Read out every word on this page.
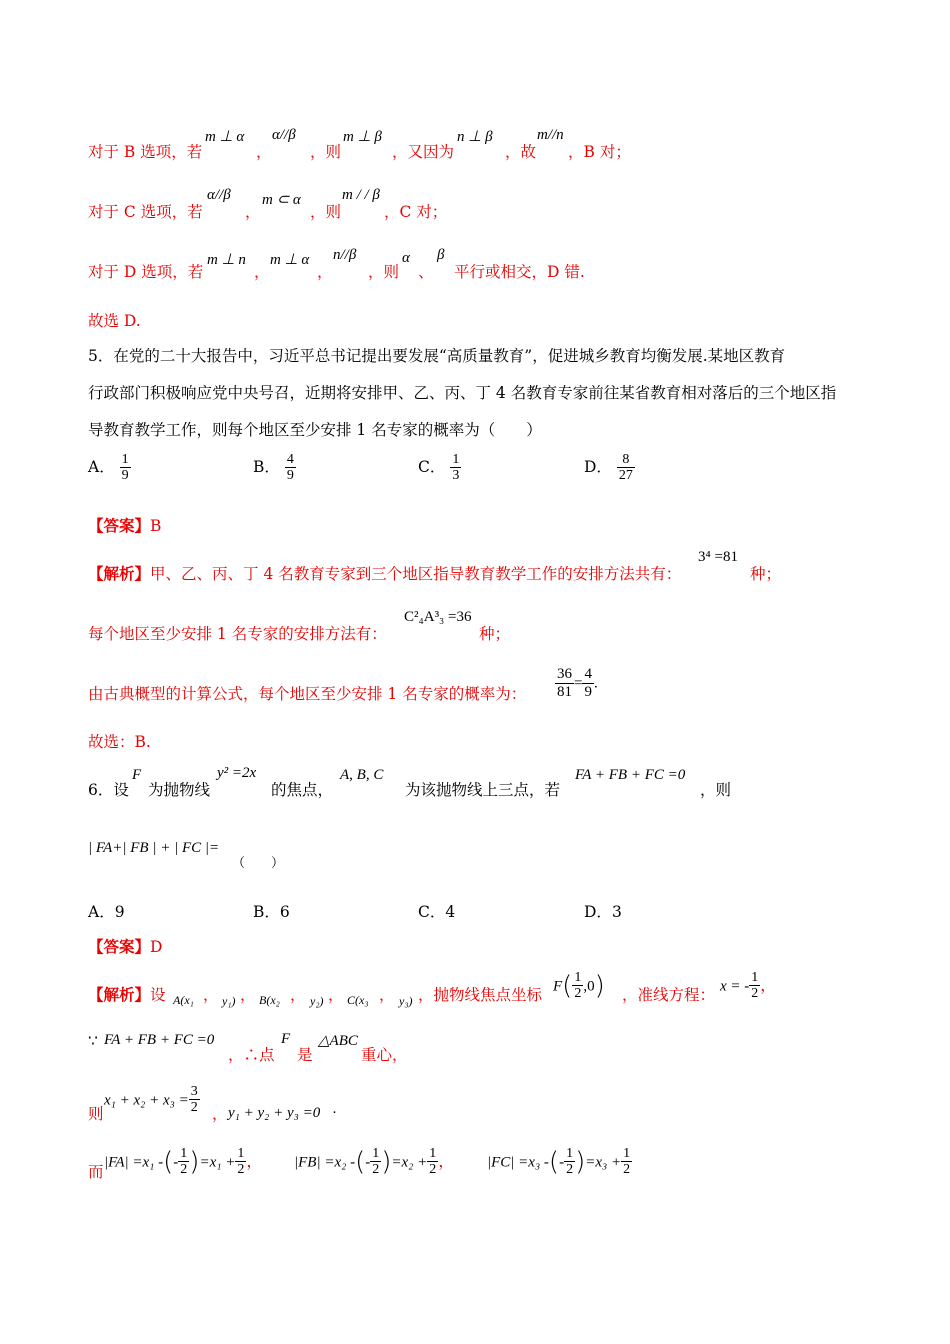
对于 B 选项，若
m ⊥ α
，
α//β
，则
m ⊥ β
，又因为
n ⊥ β
，故
m//n
，B 对；
对于 C 选项，若
α//β
，
m ⊂ α
，则
m / / β
，C 对；
对于 D 选项，若
m ⊥ n
，
m ⊥ α
，
n//β
，则
α
、
β
平行或相交，D 错.
故选 D.
5．在党的二十大报告中，习近平总书记提出要发展“高质量教育”，促进城乡教育均衡发展.某地区教育
行政部门积极响应党中央号召，近期将安排甲、乙、丙、丁 4 名教育专家前往某省教育相对落后的三个地区指
导教育教学工作，则每个地区至少安排 1 名专家的概率为（　　）
A． $\frac{1}{9}$	B． $\frac{4}{9}$	C． $\frac{1}{3}$	D． $\frac{8}{27}$
【答案】B
【解析】甲、乙、丙、丁 4 名教育专家到三个地区指导教育教学工作的安排方法共有：
3⁴ =81
种；
每个地区至少安排 1 名专家的安排方法有：
C²₄A³₃ =36
种；
由古典概型的计算公式，每个地区至少安排 1 名专家的概率为： $\frac{36}{81} = \frac{4}{9}$ .
故选：B.
6．设
F
为抛物线
y² =2x
的焦点，
A, B, C
为该抛物线上三点，若
FA + FB + FC =0
，则
| FA+| FB | + | FC |=
（　　）
A．9	B．6	C．4	D．3
【答案】D
【解析】设 A(x₁ ， y₁) ， B(x₂ ， y₂) ， C(x₃ ， y₃) ，抛物线焦点坐标 $F( \frac{1}{2} ,0)$ ，准线方程： x = - $\frac{1}{2}$ ，
∵ FA + FB + FC =0
，∴点
F
是
△ABC
重心，
则
$x_1 + x_2 + x_3 = \frac{3}{2}$ ， y₁ + y₂ + y₃ =0 ·
而
|FA| =x₁ -(- $\frac{1}{2} )=x_1 + \frac{1}{2}$ ， |FB| =x₂ -(- $\frac{1}{2} )=x_2 + \frac{1}{2}$ ， |FC| =x₃ -(- $\frac{1}{2} )=x_3 + \frac{1}{2}$
